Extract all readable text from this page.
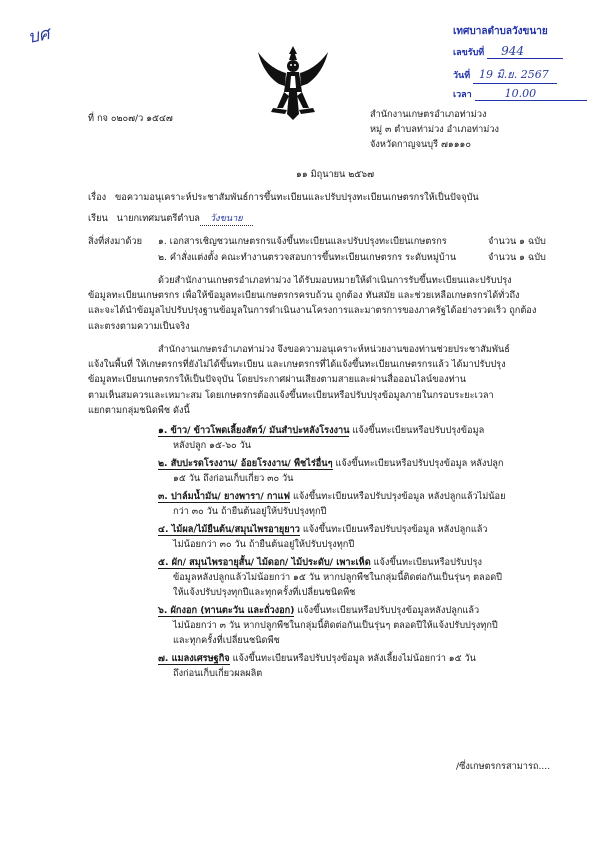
บศ	เทศบาลตำบลวังขนาย
เลขรับที่ 944
วันที่ 19 มิ.ย. 2567
เวลา	10.00
ที่ กจ ๐๒๐๗/ว ๑๕๔๗	สำนักงานเกษตรอำเภอท่าม่วง
หมู่ ๓ ตำบลท่าม่วง อำเภอท่าม่วง
จังหวัดกาญจนบุรี ๗๑๑๑๐
๑๑ มิถุนายน ๒๕๖๗
เรื่อง ขอความอนุเคราะห์ประชาสัมพันธ์การขึ้นทะเบียนและปรับปรุงทะเบียนเกษตรกรให้เป็นปัจจุบัน
เรียน นายกเทศมนตรีตำบล วังขนาย
สิ่งที่ส่งมาด้วย ๑. เอกสารเชิญชวนเกษตรกรแจ้งขึ้นทะเบียนและปรับปรุงทะเบียนเกษตรกร	จำนวน ๑ ฉบับ
๒. คำสั่งแต่งตั้ง คณะทำงานตรวจสอบการขึ้นทะเบียนเกษตรกร ระดับหมู่บ้าน	จำนวน ๑ ฉบับ
ด้วยสำนักงานเกษตรอำเภอท่าม่วง ได้รับมอบหมายให้ดำเนินการรับขึ้นทะเบียนและปรับปรุง
ข้อมูลทะเบียนเกษตรกร เพื่อให้ข้อมูลทะเบียนเกษตรกรครบถ้วน ถูกต้อง ทันสมัย และช่วยเหลือเกษตรกรได้ทั่วถึง
และจะได้นำข้อมูลไปปรับปรุงฐานข้อมูลในการดำเนินงานโครงการและมาตรการของภาครัฐได้อย่างรวดเร็ว ถูกต้อง
และตรงตามความเป็นจริง
สำนักงานเกษตรอำเภอท่าม่วง จึงขอความอนุเคราะห์หน่วยงานของท่านช่วยประชาสัมพันธ์
แจ้งในพื้นที่ ให้เกษตรกรที่ยังไม่ได้ขึ้นทะเบียน และเกษตรกรที่ได้แจ้งขึ้นทะเบียนเกษตรกรแล้ว ได้มาปรับปรุง
ข้อมูลทะเบียนเกษตรกรให้เป็นปัจจุบัน โดยประกาศผ่านเสียงตามสายและผ่านสื่อออนไลน์ของท่าน
ตามเห็นสมควรและเหมาะสม โดยเกษตรกรต้องแจ้งขึ้นทะเบียนหรือปรับปรุงข้อมูลภายในกรอบระยะเวลา
แยกตามกลุ่มชนิดพืช ดังนี้
๑. ข้าว/ ข้าวโพดเลี้ยงสัตว์/ มันสำปะหลังโรงงาน แจ้งขึ้นทะเบียนหรือปรับปรุงข้อมูล
หลังปลูก ๑๕-๖๐ วัน
๒. สับปะรดโรงงาน/ อ้อยโรงงาน/ พืชไร่อื่นๆ แจ้งขึ้นทะเบียนหรือปรับปรุงข้อมูล หลังปลูก
๑๕ วัน ถึงก่อนเก็บเกี่ยว ๓๐ วัน
๓. ปาล์มน้ำมัน/ ยางพารา/ กาแฟ แจ้งขึ้นทะเบียนหรือปรับปรุงข้อมูล หลังปลูกแล้วไม่น้อย
กว่า ๓๐ วัน ถ้ายืนต้นอยู่ให้ปรับปรุงทุกปี
๔. ไม้ผล/ไม้ยืนต้น/สมุนไพรอายุยาว แจ้งขึ้นทะเบียนหรือปรับปรุงข้อมูล หลังปลูกแล้ว
ไม่น้อยกว่า ๓๐ วัน ถ้ายืนต้นอยู่ให้ปรับปรุงทุกปี
๕. ผัก/ สมุนไพรอายุสั้น/ ไม้ดอก/ ไม้ประดับ/ เพาะเห็ด แจ้งขึ้นทะเบียนหรือปรับปรุง
ข้อมูลหลังปลูกแล้วไม่น้อยกว่า ๑๕ วัน หากปลูกพืชในกลุ่มนี้ติดต่อกันเป็นรุ่นๆ ตลอดปี
ให้แจ้งปรับปรุงทุกปีและทุกครั้งที่เปลี่ยนชนิดพืช
๖. ผักงอก (ทานตะวัน และถั่วงอก) แจ้งขึ้นทะเบียนหรือปรับปรุงข้อมูลหลังปลูกแล้ว
ไม่น้อยกว่า ๓ วัน หากปลูกพืชในกลุ่มนี้ติดต่อกันเป็นรุ่นๆ ตลอดปีให้แจ้งปรับปรุงทุกปี
และทุกครั้งที่เปลี่ยนชนิดพืช
๗. แมลงเศรษฐกิจ แจ้งขึ้นทะเบียนหรือปรับปรุงข้อมูล หลังเลี้ยงไม่น้อยกว่า ๑๕ วัน
ถึงก่อนเก็บเกี่ยวผลผลิต
/ซึ่งเกษตรกรสามารถ....
